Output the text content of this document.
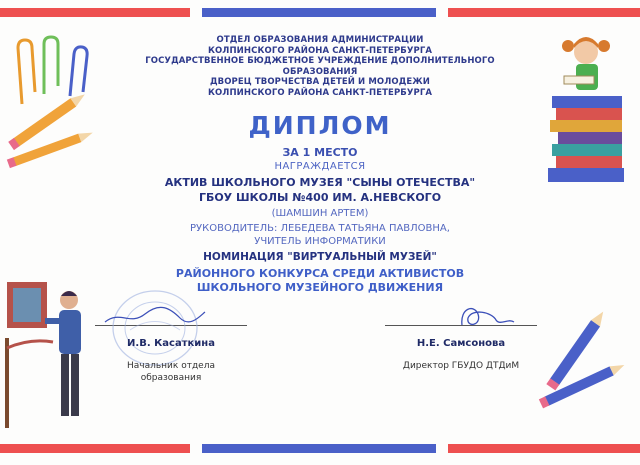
ОТДЕЛ ОБРАЗОВАНИЯ АДМИНИСТРАЦИИ
КОЛПИНСКОГО РАЙОНА САНКТ-ПЕТЕРБУРГА
ГОСУДАРСТВЕННОЕ БЮДЖЕТНОЕ УЧРЕЖДЕНИЕ ДОПОЛНИТЕЛЬНОГО
ОБРАЗОВАНИЯ
ДВОРЕЦ ТВОРЧЕСТВА ДЕТЕЙ И МОЛОДЕЖИ
КОЛПИНСКОГО РАЙОНА САНКТ-ПЕТЕРБУРГА
ДИПЛОМ
ЗА 1 МЕСТО
НАГРАЖДАЕТСЯ
АКТИВ ШКОЛЬНОГО МУЗЕЯ "СЫНЫ ОТЕЧЕСТВА"
ГБОУ ШКОЛЫ №400 ИМ. А.НЕВСКОГО
(ШАМШИН АРТЕМ)
РУКОВОДИТЕЛЬ: ЛЕБЕДЕВА ТАТЬЯНА ПАВЛОВНА,
УЧИТЕЛЬ ИНФОРМАТИКИ
НОМИНАЦИЯ "ВИРТУАЛЬНЫЙ МУЗЕЙ"
РАЙОННОГО КОНКУРСА СРЕДИ АКТИВИСТОВ
ШКОЛЬНОГО МУЗЕЙНОГО ДВИЖЕНИЯ
И.В. Касаткина
Начальник отдела
образования
Н.Е. Самсонова
Директор ГБУДО ДТДиМ
